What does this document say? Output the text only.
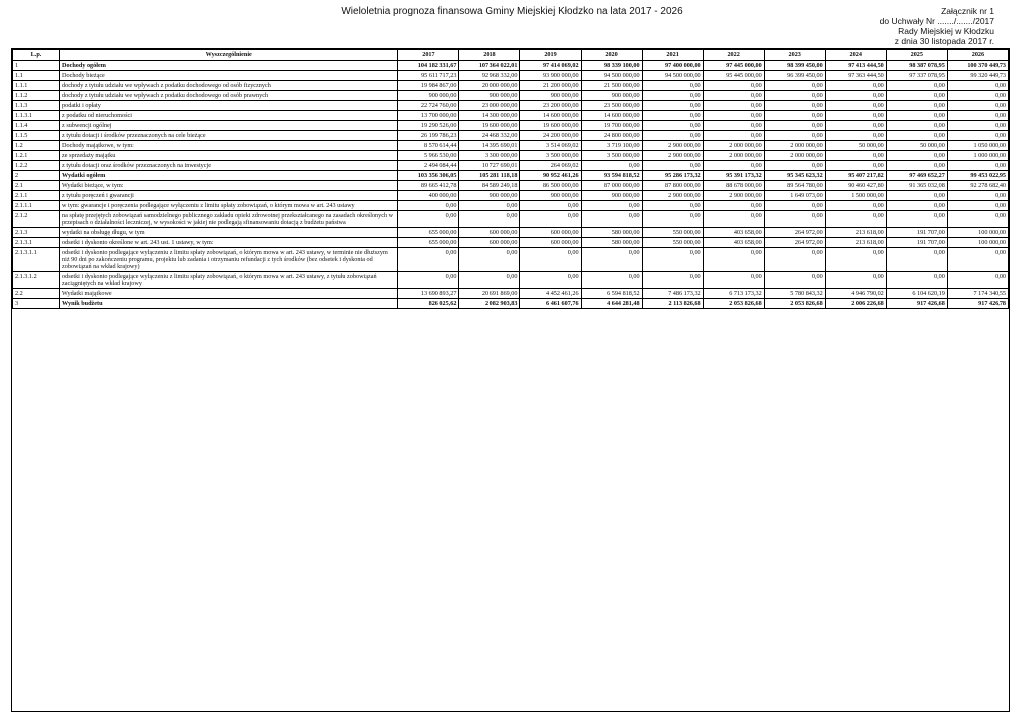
Wieloletnia prognoza finansowa Gminy Miejskiej Kłodzko na lata 2017 - 2026	Załącznik nr 1
do Uchwały Nr ......./......./2017
Rady Miejskiej w Kłodzku
z dnia 30 listopada 2017 r.
L.p.	Wyszczególnienie	2017	2018	2019	2020	2021	2022	2023	2024	2025	2026
1	Dochody ogółem	104 182 331,67	107 364 022,01	97 414 069,02	98 339 100,00	97 400 000,00	97 445 000,00	98 399 450,00	97 413 444,50	98 387 078,95	100 370 449,73
1.1	Dochody bieżące	95 611 717,23	92 968 332,00	93 900 000,00	94 500 000,00	94 500 000,00	95 445 000,00	96 399 450,00	97 363 444,50	97 337 078,95	99 320 449,73
1.1.1	dochody z tytułu udziału we wpływach z podatku dochodowego od osób fizycznych	19 984 867,00	20 000 000,00	21 200 000,00	21 500 000,00	0,00	0,00	0,00	0,00	0,00	0,00
1.1.2	dochody z tytułu udziału we wpływach z podatku dochodowego od osób prawnych	900 000,00	900 000,00	900 000,00	900 000,00	0,00	0,00	0,00	0,00	0,00	0,00
1.1.3	podatki i opłaty	22 724 760,00	23 000 000,00	23 200 000,00	23 500 000,00	0,00	0,00	0,00	0,00	0,00	0,00
1.1.3.1	z podatku od nieruchomości	13 700 000,00	14 300 000,00	14 600 000,00	14 600 000,00	0,00	0,00	0,00	0,00	0,00	0,00
1.1.4	z subwencji ogólnej	19 290 526,00	19 600 000,00	19 600 000,00	19 700 000,00	0,00	0,00	0,00	0,00	0,00	0,00
1.1.5	z tytułu dotacji i środków przeznaczonych na cele bieżące	26 199 786,23	24 468 332,00	24 200 000,00	24 800 000,00	0,00	0,00	0,00	0,00	0,00	0,00
1.2	Dochody majątkowe, w tym:	8 570 614,44	14 395 690,01	3 514 069,02	3 719 100,00	2 900 000,00	2 000 000,00	2 000 000,00	50 000,00	50 000,00	1 050 000,00
1.2.1	ze sprzedaży majątku	5 966 530,00	3 300 000,00	3 500 000,00	3 500 000,00	2 900 000,00	2 000 000,00	2 000 000,00	0,00	0,00	1 000 000,00
1.2.2	z tytułu dotacji oraz środków przeznaczonych na inwestycje	2 494 084,44	10 727 690,01	264 069,02	0,00	0,00	0,00	0,00	0,00	0,00	0,00
2	Wydatki ogółem	103 356 306,05	105 281 118,18	90 952 461,26	93 594 818,52	95 286 173,32	95 391 173,32	95 345 623,32	95 407 217,82	97 469 652,27	99 453 022,95
2.1	Wydatki bieżące, w tym:	89 665 412,78	84 589 249,18	86 500 000,00	87 000 000,00	87 800 000,00	88 678 000,00	89 564 780,00	90 460 427,80	91 365 032,08	92 278 682,40
2.1.1	z tytułu poręczeń i gwarancji	400 000,00	900 000,00	900 000,00	900 000,00	2 900 000,00	2 900 000,00	1 649 073,00	1 500 000,00	0,00	0,00
2.1.1.1	w tym: gwarancje i poręczenia podlegające wyłączeniu z limitu spłaty zobowiązań, o którym mowa w art. 243 ustawy	0,00	0,00	0,00	0,00	0,00	0,00	0,00	0,00	0,00	0,00
2.1.2	na spłatę przejętych zobowiązań samodzielnego publicznego zakładu opieki zdrowotnej przekształcanego na zasadach określonych w przepisach o działalności leczniczej, w wysokości w jakiej nie podlegają sfinansowaniu dotacją z budżetu państwa	0,00	0,00	0,00	0,00	0,00	0,00	0,00	0,00	0,00	0,00
2.1.3	wydatki na obsługę długu, w tym	655 000,00	600 000,00	600 000,00	580 000,00	550 000,00	403 658,00	264 972,00	213 618,00	191 707,00	100 000,00
2.1.3.1	odsetki i dyskonto określone w art. 243 ust. 1 ustawy, w tym:	655 000,00	600 000,00	600 000,00	580 000,00	550 000,00	403 658,00	264 972,00	213 618,00	191 707,00	100 000,00
2.1.3.1.1	odsetki i dyskonto podlegające wyłączeniu z limitu spłaty zobowiązań, o którym mowa w art. 243 ustawy, w terminie nie dłuższym niż 90 dni po zakończeniu programu, projektu lub zadania i otrzymaniu refundacji z tych środków (bez odsetek i dyskonta od zobowiązań na wkład krajowy)	0,00	0,00	0,00	0,00	0,00	0,00	0,00	0,00	0,00	0,00
2.1.3.1.2	odsetki i dyskonto podlegające wyłączeniu z limitu spłaty zobowiązań, o którym mowa w art. 243 ustawy, z tytułu zobowiązań zaciągniętych na wkład krajowy	0,00	0,00	0,00	0,00	0,00	0,00	0,00	0,00	0,00	0,00
2.2	Wydatki majątkowe	13 690 893,27	20 691 869,00	4 452 461,26	6 594 818,52	7 486 173,32	6 713 173,32	5 780 843,32	4 946 790,02	6 104 620,19	7 174 340,55
3	Wynik budżetu	826 025,62	2 082 903,83	6 461 607,76	4 644 281,48	2 113 826,68	2 053 826,68	2 053 826,68	2 006 226,68	917 426,68	917 426,78
